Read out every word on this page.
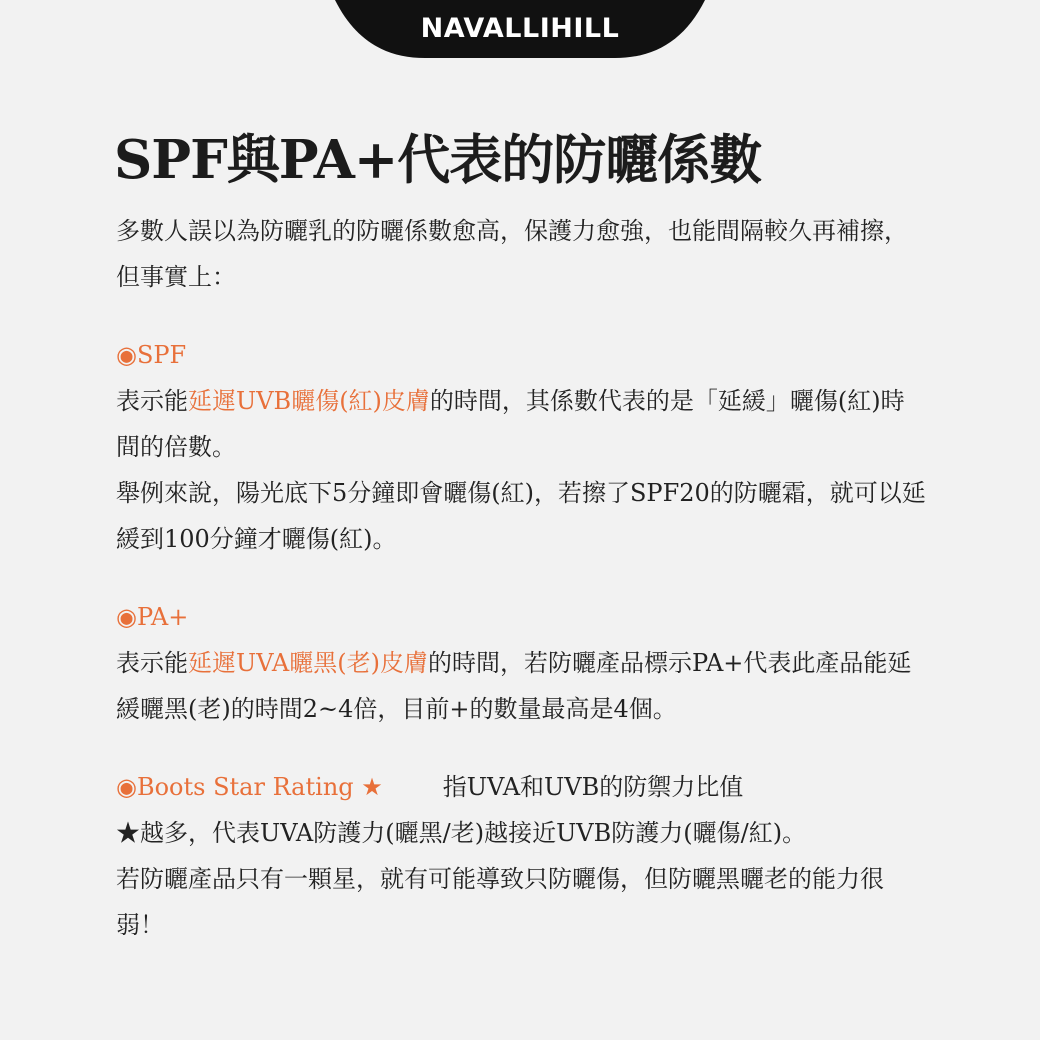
NAVALLIHILL
SPF與PA+代表的防曬係數

多數人誤以為防曬乳的防曬係數愈高，保護力愈強，也能間隔較久再補擦，但事實上：

◉SPF

表示能延遲UVB曬傷(紅)皮膚的時間，其係數代表的是「延緩」曬傷(紅)時間的倍數。

舉例來說，陽光底下5分鐘即會曬傷(紅)，若擦了SPF20的防曬霜，就可以延緩到100分鐘才曬傷(紅)。

◉PA+

表示能延遲UVA曬黑(老)皮膚的時間，若防曬產品標示PA+代表此產品能延緩曬黑(老)的時間2~4倍，目前+的數量最高是4個。

◉Boots Star Rating ★	指UVA和UVB的防禦力比值

★越多，代表UVA防護力(曬黑/老)越接近UVB防護力(曬傷/紅)。

若防曬產品只有一顆星，就有可能導致只防曬傷，但防曬黑曬老的能力很弱！
